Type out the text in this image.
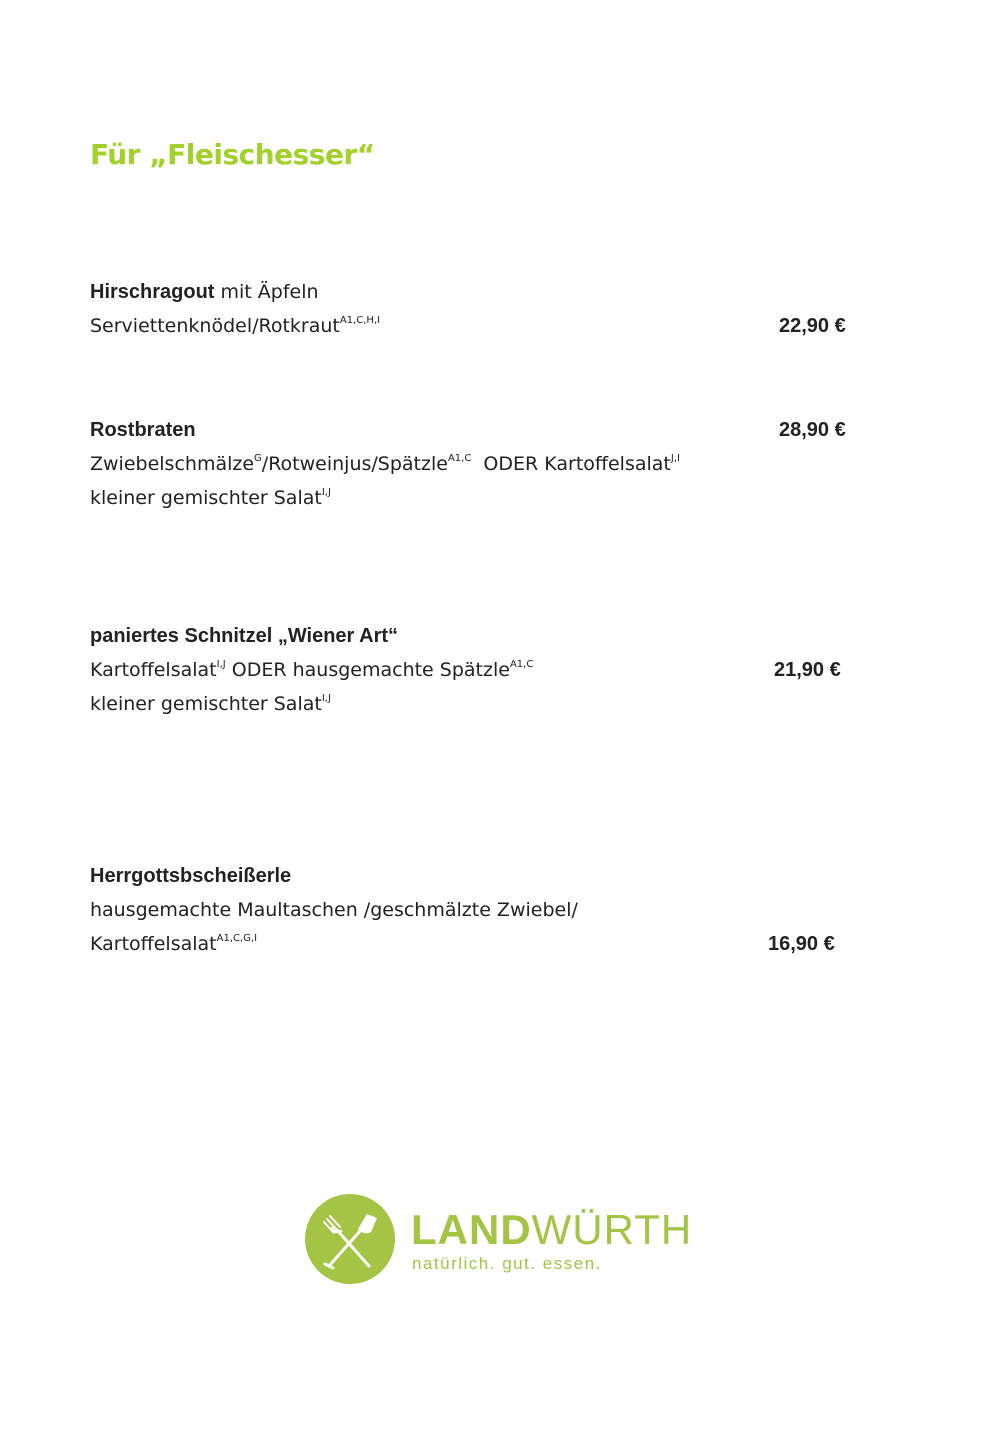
Für „Fleischesser“

Hirschragout mit Äpfeln

Serviettenknödel/Rotkraut$^{A1,C,H,I}$	22,90 €

Rostbraten	28,90 €

Zwiebelschmälze$^G$/Rotweinjus/Spätzle$^{A1,C}$  ODER Kartoffelsalat$^{J,I}$

kleiner gemischter Salat$^{I,J}$

paniertes Schnitzel „Wiener Art“

Kartoffelsalat$^{I,J}$ ODER hausgemachte Spätzle$^{A1,C}$	21,90 €

kleiner gemischter Salat$^{I,J}$

Herrgottsbscheißerle

hausgemachte Maultaschen /geschmälzte Zwiebel/

Kartoffelsalat$^{A1,C,G,I}$	16,90 €

LANDWÜRTH

natürlich. gut. essen.
